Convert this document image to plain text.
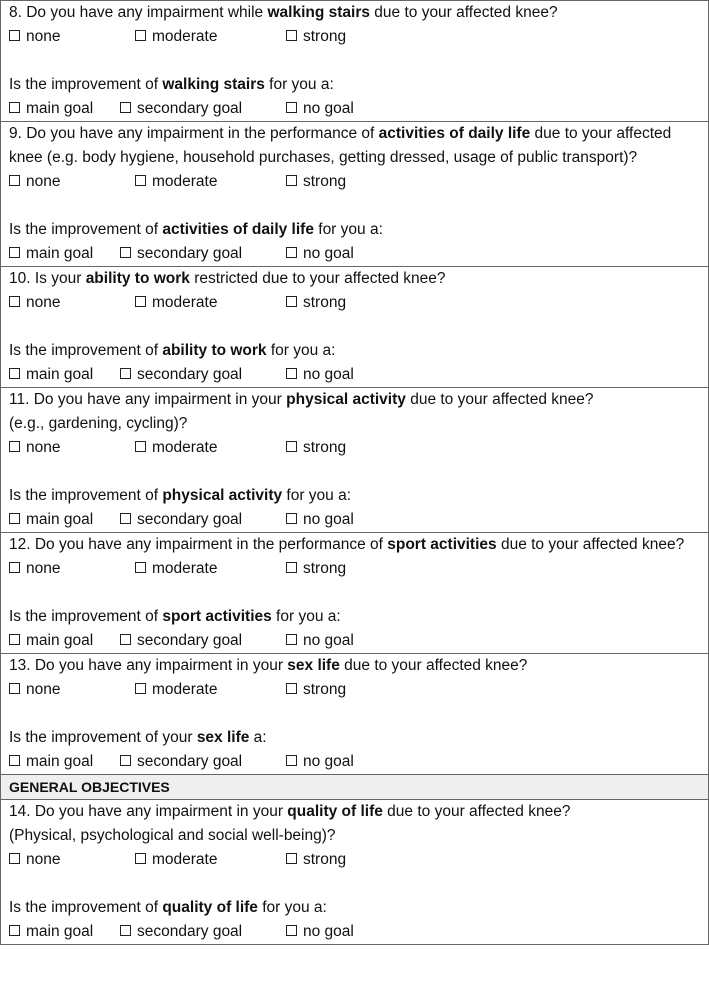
8. Do you have any impairment while walking stairs due to your affected knee?
none	moderate	strong
Is the improvement of walking stairs for you a:
main goal	secondary goal	no goal
9. Do you have any impairment in the performance of activities of daily life due to your affected
knee (e.g. body hygiene, household purchases, getting dressed, usage of public transport)?
none	moderate	strong
Is the improvement of activities of daily life for you a:
main goal	secondary goal	no goal
10. Is your ability to work restricted due to your affected knee?
none	moderate	strong
Is the improvement of ability to work for you a:
main goal	secondary goal	no goal
11. Do you have any impairment in your physical activity due to your affected knee?
(e.g., gardening, cycling)?
none	moderate	strong
Is the improvement of physical activity for you a:
main goal	secondary goal	no goal
12. Do you have any impairment in the performance of sport activities due to your affected knee?
none	moderate	strong
Is the improvement of sport activities for you a:
main goal	secondary goal	no goal
13. Do you have any impairment in your sex life due to your affected knee?
none	moderate	strong
Is the improvement of your sex life a:
main goal	secondary goal	no goal
GENERAL OBJECTIVES
14. Do you have any impairment in your quality of life due to your affected knee?
(Physical, psychological and social well-being)?
none	moderate	strong
Is the improvement of quality of life for you a:
main goal	secondary goal	no goal
